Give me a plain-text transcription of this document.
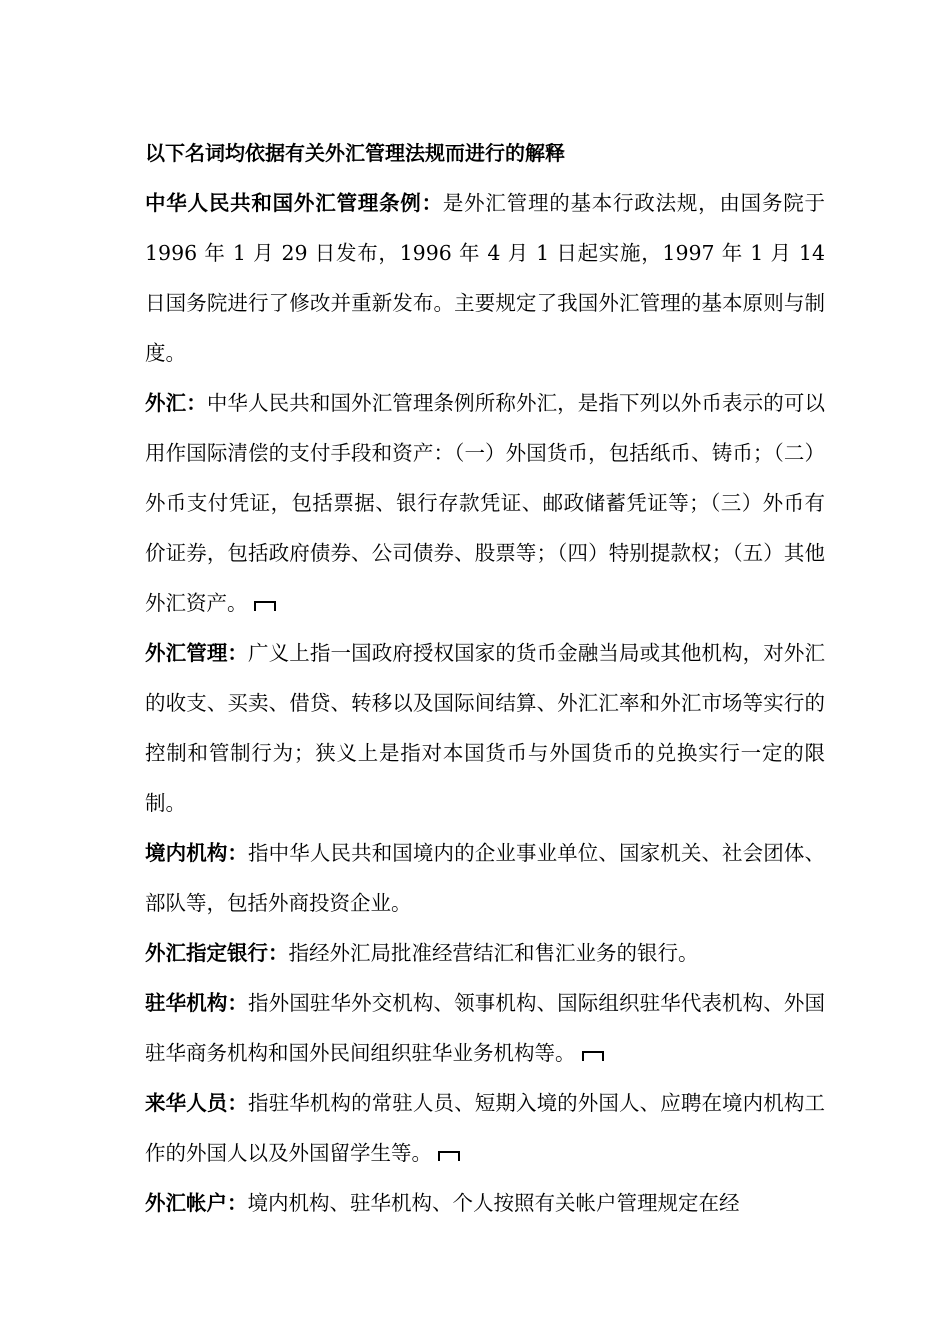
以下名词均依据有关外汇管理法规而进行的解释

中华人民共和国外汇管理条例：是外汇管理的基本行政法规，由国务院于 1996 年 1 月 29 日发布，1996 年 4 月 1 日起实施，1997 年 1 月 14 日国务院进行了修改并重新发布。主要规定了我国外汇管理的基本原则与制度。

外汇：中华人民共和国外汇管理条例所称外汇，是指下列以外币表示的可以用作国际清偿的支付手段和资产：（一）外国货币，包括纸币、铸币；（二）外币支付凭证，包括票据、银行存款凭证、邮政储蓄凭证等；（三）外币有价证券，包括政府债券、公司债券、股票等；（四）特别提款权；（五）其他外汇资产。

外汇管理：广义上指一国政府授权国家的货币金融当局或其他机构，对外汇的收支、买卖、借贷、转移以及国际间结算、外汇汇率和外汇市场等实行的控制和管制行为；狭义上是指对本国货币与外国货币的兑换实行一定的限制。

境内机构：指中华人民共和国境内的企业事业单位、国家机关、社会团体、部队等，包括外商投资企业。

外汇指定银行：指经外汇局批准经营结汇和售汇业务的银行。

驻华机构：指外国驻华外交机构、领事机构、国际组织驻华代表机构、外国驻华商务机构和国外民间组织驻华业务机构等。

来华人员：指驻华机构的常驻人员、短期入境的外国人、应聘在境内机构工作的外国人以及外国留学生等。

外汇帐户：境内机构、驻华机构、个人按照有关帐户管理规定在经
